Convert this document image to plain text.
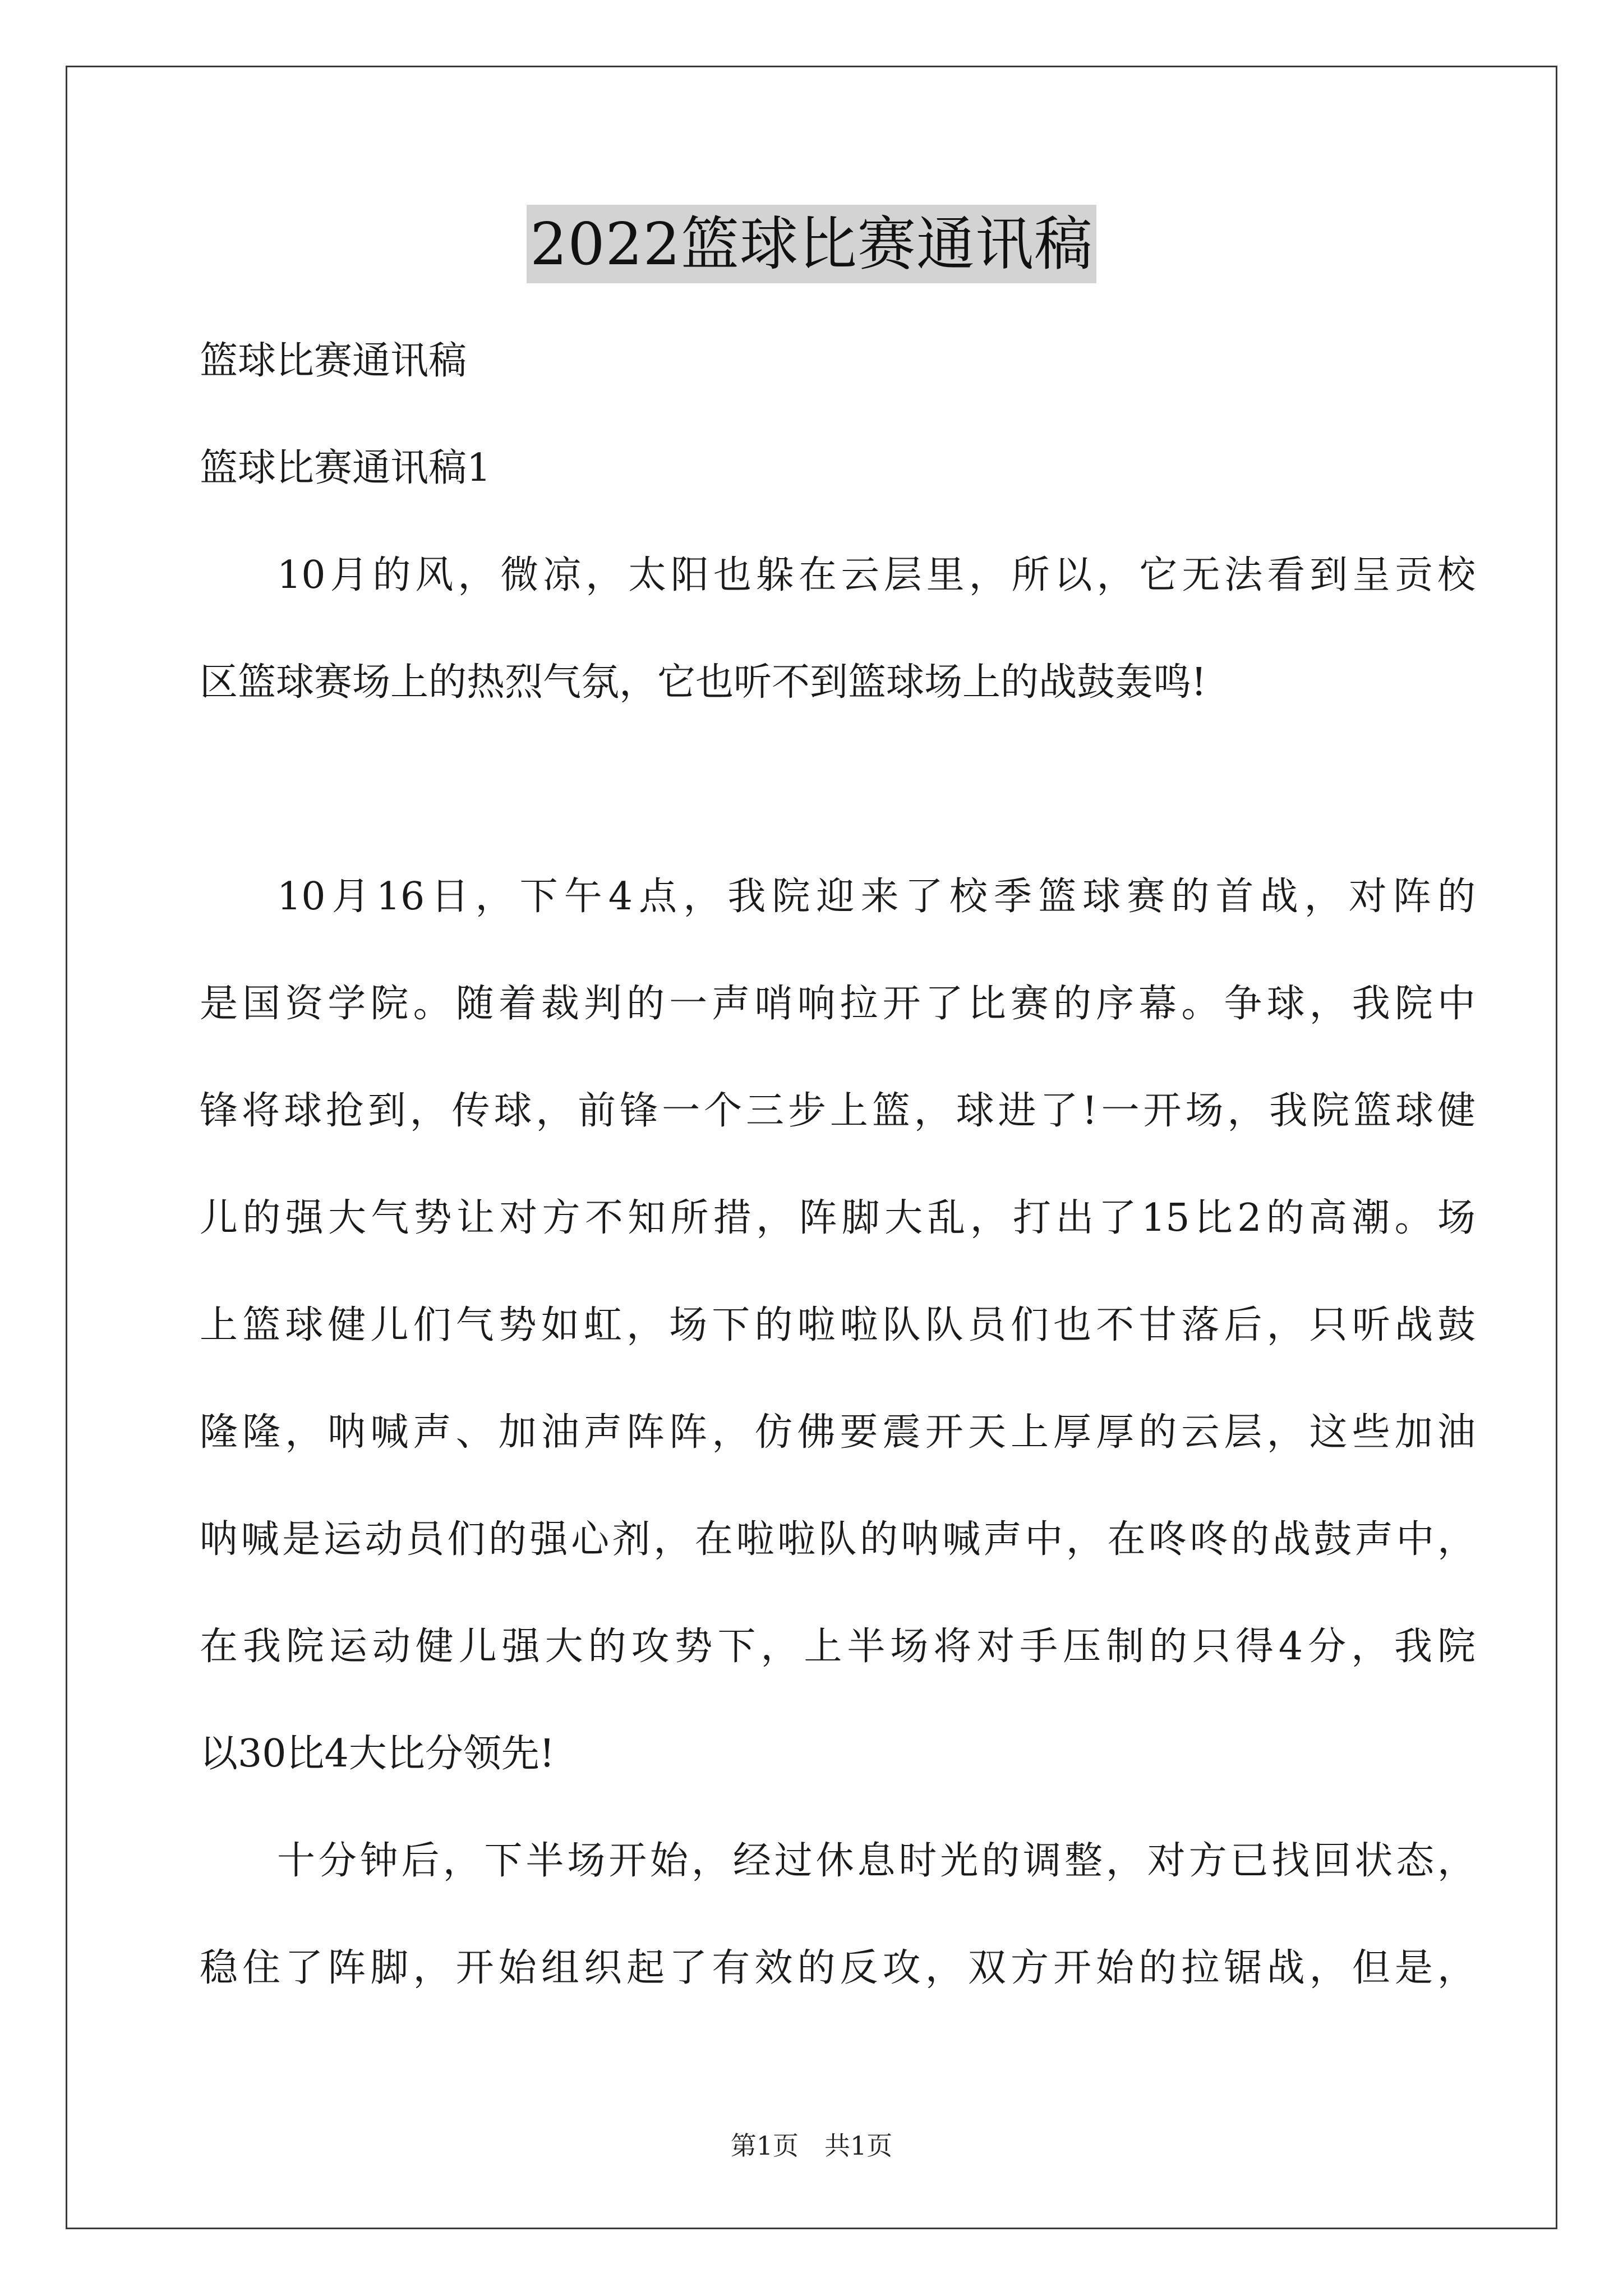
2022篮球比赛通讯稿
篮球比赛通讯稿
篮球比赛通讯稿1
10月的风，微凉，太阳也躲在云层里，所以，它无法看到呈贡校
区篮球赛场上的热烈气氛，它也听不到篮球场上的战鼓轰鸣!
10月16日，下午4点，我院迎来了校季篮球赛的首战，对阵的
是国资学院。随着裁判的一声哨响拉开了比赛的序幕。争球，我院中
锋将球抢到，传球，前锋一个三步上篮，球进了!一开场，我院篮球健
儿的强大气势让对方不知所措，阵脚大乱，打出了15比2的高潮。场
上篮球健儿们气势如虹，场下的啦啦队队员们也不甘落后，只听战鼓
隆隆，呐喊声、加油声阵阵，仿佛要震开天上厚厚的云层，这些加油
呐喊是运动员们的强心剂，在啦啦队的呐喊声中，在咚咚的战鼓声中，
在我院运动健儿强大的攻势下，上半场将对手压制的只得4分，我院
以30比4大比分领先!
十分钟后，下半场开始，经过休息时光的调整，对方已找回状态，
稳住了阵脚，开始组织起了有效的反攻，双方开始的拉锯战，但是，
第1页　共1页
